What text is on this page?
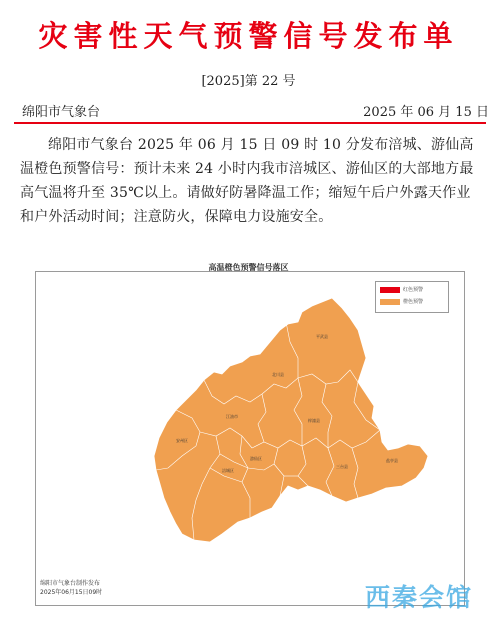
灾害性天气预警信号发布单
[2025]第 22 号
绵阳市气象台	2025 年 06 月 15 日
绵阳市气象台 2025 年 06 月 15 日 09 时 10 分发布涪城、游仙高温橙色预警信号：预计未来 24 小时内我市涪城区、游仙区的大部地方最高气温将升至 35℃以上。请做好防暑降温工作；缩短午后户外露天作业和户外活动时间；注意防火，保障电力设施安全。
高温橙色预警信号落区
平武县
北川县
江油市
梓潼县
安州区
游仙区
涪城区
三台县
盐亭县
红色预警
橙色预警
绵阳市气象台制作发布
2025年06月15日09时	西秦会馆
